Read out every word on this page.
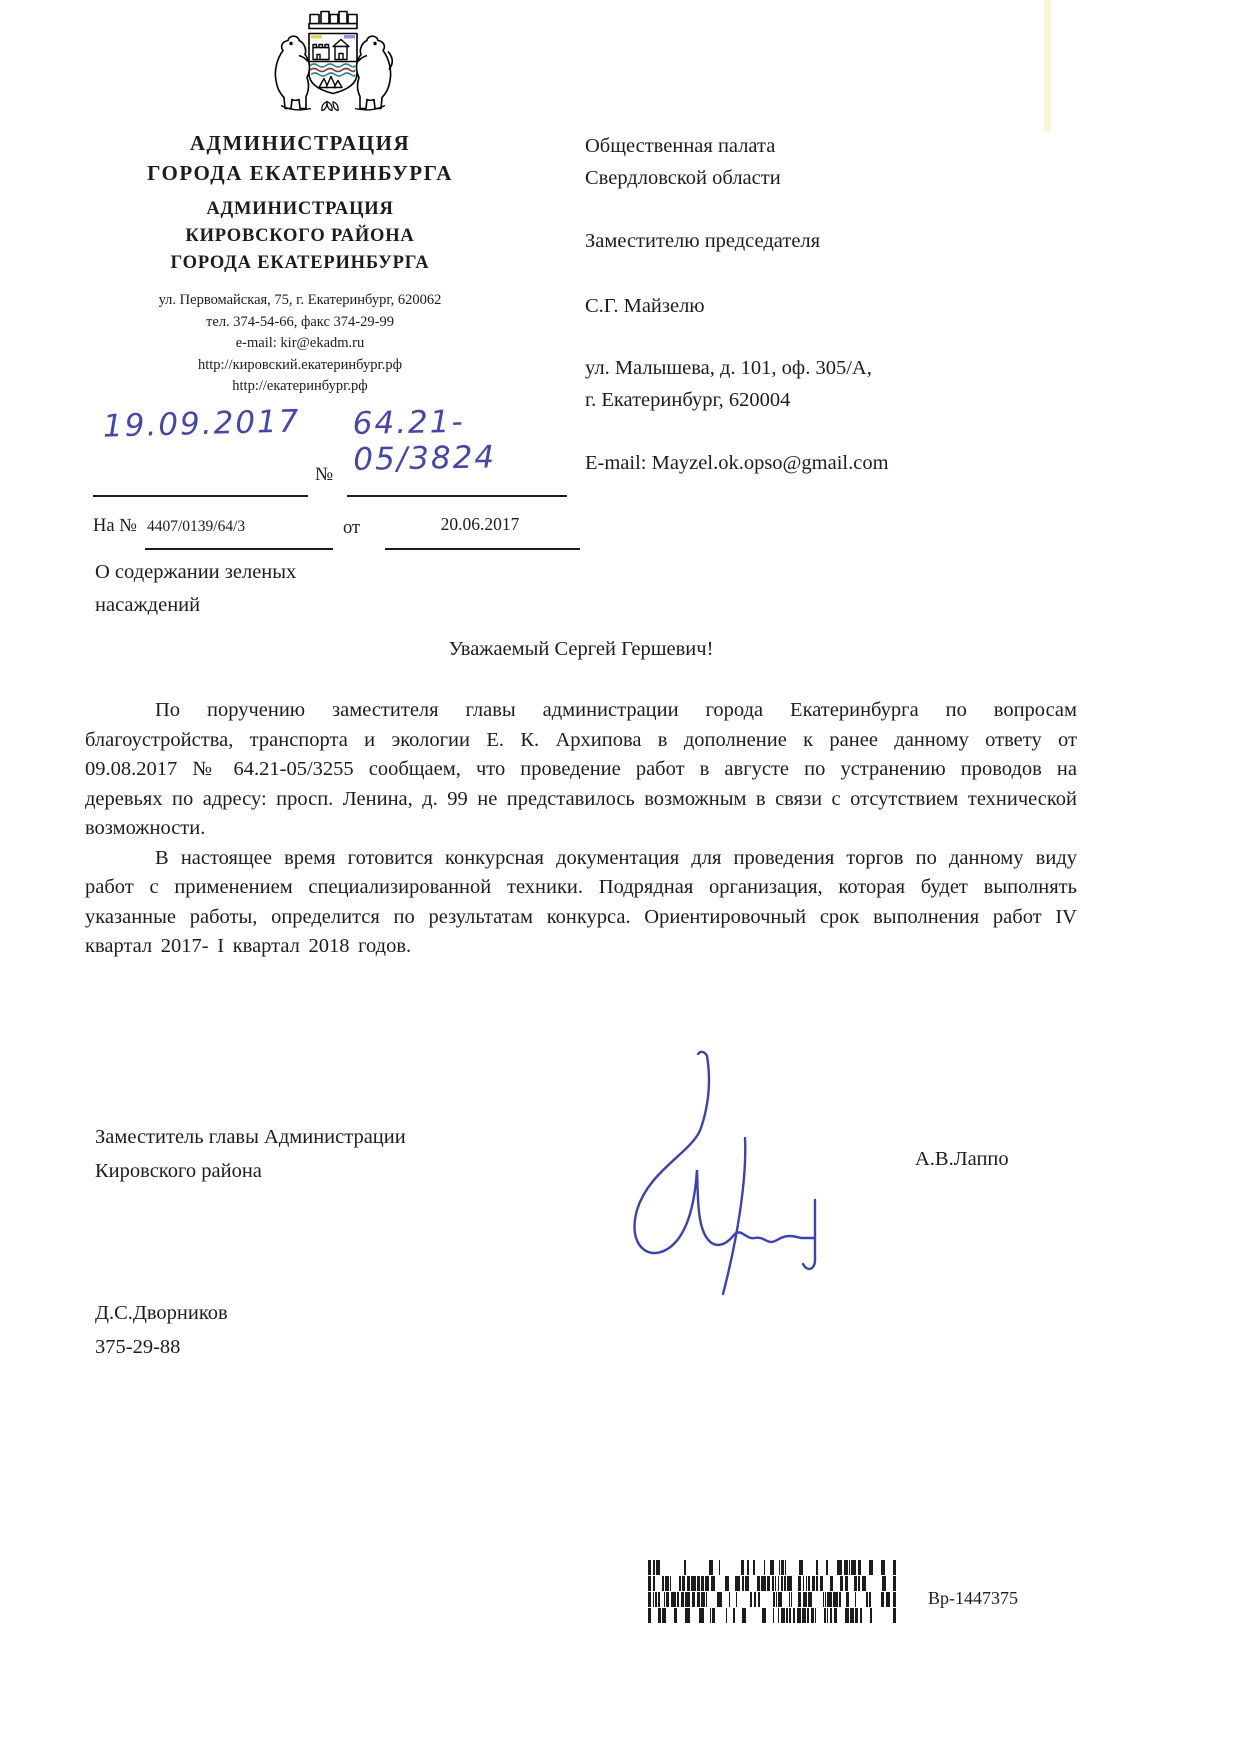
АДМИНИСТРАЦИЯ
ГОРОДА ЕКАТЕРИНБУРГА
АДМИНИСТРАЦИЯ
КИРОВСКОГО РАЙОНА
ГОРОДА ЕКАТЕРИНБУРГА
ул. Первомайская, 75, г. Екатеринбург, 620062
тел. 374-54-66, факс 374-29-99
e-mail: kir@ekadm.ru
http://кировский.екатеринбург.рф
http://екатеринбург.рф
19.09.2017
№
64.21-05/3824
На № 4407/0139/64/3	от	20.06.2017
О содержании зеленых
насаждений
Общественная палата
Свердловской области
Заместителю председателя
С.Г. Майзелю
ул. Малышева, д. 101, оф. 305/А,
г. Екатеринбург, 620004
E-mail: Mayzel.ok.opso@gmail.com
Уважаемый Сергей Гершевич!

По поручению заместителя главы администрации города Екатеринбурга по вопросам благоустройства, транспорта и экологии Е. К. Архипова в дополнение к ранее данному ответу от 09.08.2017 № 64.21-05/3255 сообщаем, что проведение работ в августе по устранению проводов на деревьях по адресу: просп. Ленина, д. 99 не представилось возможным в связи с отсутствием технической возможности.

В настоящее время готовится конкурсная документация для проведения торгов по данному виду работ с применением специализированной техники. Подрядная организация, которая будет выполнять указанные работы, определится по результатам конкурса. Ориентировочный срок выполнения работ IV квартал 2017- I квартал 2018 годов.

Заместитель главы Администрации
Кировского района
А.В.Лаппо
Д.С.Дворников
375-29-88
Вр-1447375
